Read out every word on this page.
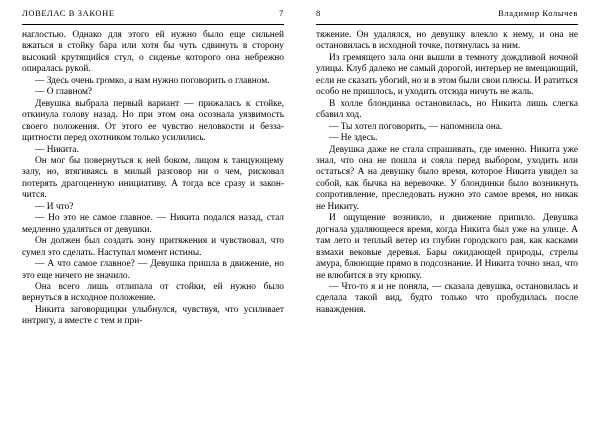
ЛОВЕЛАС В ЗАКОНЕ	7

наглостью. Однако для этого ей нужно было еще сильней вжаться в стойку бара или хотя бы чуть сдвинуть в сторону высокий крутящийся стул, о сиденье которого она небрежно опиралась рукой.

— Здесь очень громко, а нам нужно поговорить о главном.

— О главном?

Девушка выбрала первый вариант — прижалась к стойке, откинула голову назад. Но при этом она осознала уязвимость своего положения. От этого ее чувство неловкости и беззащитности перед охотником только усилились.

— Никита.

Он мог бы повернуться к ней боком, лицом к танцующему залу, но, втягиваясь в милый разговор ни о чем, рисковал потерять драгоценную инициативу. А тогда все сразу и закончится.

— И что?

— Но это не самое главное. — Никита подался назад, стал медленно удаляться от девушки.

Он должен был создать зону притяжения и чувствовал, что сумел это сделать. Наступал момент истины.

— А что самое главное? — Девушка пришла в движение, но это еще ничего не значило.

Она всего лишь отлипала от стойки, ей нужно было вернуться в исходное положение.

Никита заговорщицки улыбнулся, чувствуя, что усиливает интригу, а вместе с тем и при-

8	Владимир Колычев

тяжение. Он удалялся, но девушку влекло к нему, и она не остановилась в исходной точке, потянулась за ним.

Из гремящего зала они вышли в темноту дождливой ночной улицы. Клуб далеко не самый дорогой, интерьер не вмещающий, если не сказать убогий, но и в этом были свои плюсы. И ратиться особо не пришлось, и уходить отсюда ничуть не жаль.

В холле блондинка остановилась, но Никита лишь слегка сбавил ход.

— Ты хотел поговорить, — напомнила она.

— Не здесь.

Девушка даже не стала спрашивать, где именно. Никита уже знал, что она не пошла и сояла перед выбором, уходить или остаться? А на девушку было время, которое Никита увидел за собой, как бычка на веревочке. У блондинки было возникнуть сопротивление, преследовать нужно это самое время, но никак не Никиту.

И ощущение возникло, и движение припило. Девушка догнала удаляющееся время, когда Никита был уже на улице. А там лето и теплый ветер из глубин городского рая, как касками взмахи вековые деревья. Бары ожидающей природы, стрелы амура, блюющие прямо в подсознание. И Никита точно знал, что не влюбится в эту крюпку.

— Что-то я и не поняла, — сказала девушка, остановилась и сделала такой вид, будто только что пробудилась после наваждения.
